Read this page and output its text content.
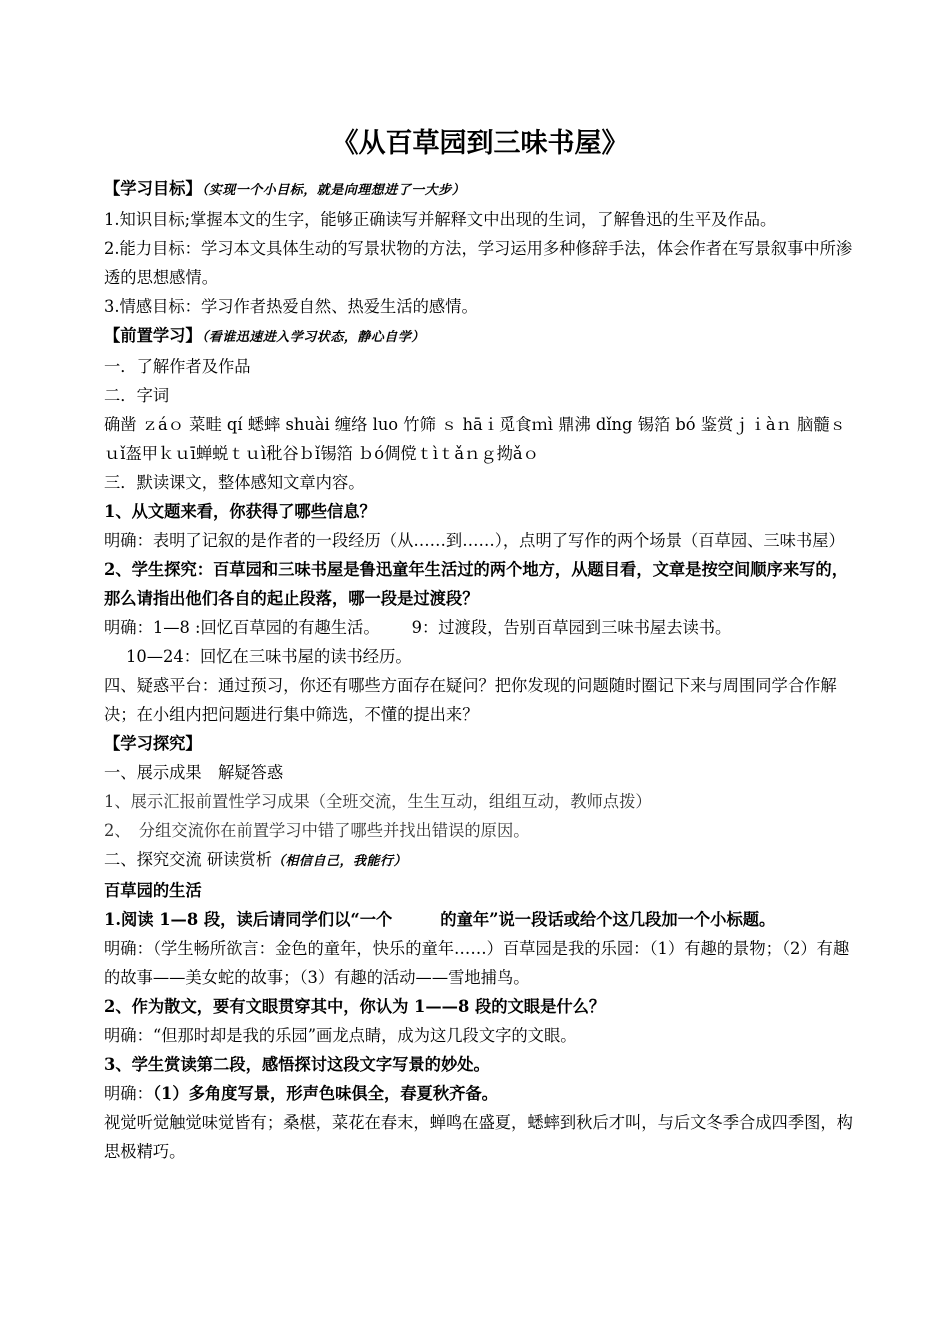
《从百草园到三味书屋》

【学习目标】（实现一个小目标，就是向理想进了一大步）

1.知识目标;掌握本文的生字，能够正确读写并解释文中出现的生词，了解鲁迅的生平及作品。

2.能力目标：学习本文具体生动的写景状物的方法，学习运用多种修辞手法，体会作者在写景叙事中所渗透的思想感情。

3.情感目标：学习作者热爱自然、热爱生活的感情。

【前置学习】（看谁迅速进入学习状态，静心自学）

一．了解作者及作品

二．字词

确凿 ｚáｏ 菜畦 qí 蟋蟀 shuài 缠络 luo 竹筛 ｓ hāｉ觅食ｍì 鼎沸 dǐng 锡箔 bó 鉴赏ｊｉàｎ 脑髓ｓｕǐ盔甲ｋｕī蝉蜕ｔｕì秕谷ｂǐ锡箔 ｂó倜傥ｔìｔǎｎｇ拗ǎｏ

三．默读课文，整体感知文章内容。

1、从文题来看，你获得了哪些信息？

明确：表明了记叙的是作者的一段经历（从……到……），点明了写作的两个场景（百草园、三味书屋）

2、学生探究：百草园和三味书屋是鲁迅童年生活过的两个地方，从题目看，文章是按空间顺序来写的，那么请指出他们各自的起止段落，哪一段是过渡段？

明确：1—8 :回忆百草园的有趣生活。 9：过渡段，告别百草园到三味书屋去读书。

10—24：回忆在三味书屋的读书经历。

四、疑惑平台：通过预习，你还有哪些方面存在疑问？把你发现的问题随时圈记下来与周围同学合作解决；在小组内把问题进行集中筛选，不懂的提出来？

【学习探究】

一、展示成果　解疑答惑

1、展示汇报前置性学习成果（全班交流，生生互动，组组互动，教师点拨）

2、　分组交流你在前置学习中错了哪些并找出错误的原因。

二、探究交流 研读赏析（相信自己，我能行）

百草园的生活

1.阅读 1—8 段，读后请同学们以“一个	的童年”说一段话或给个这几段加一个小标题。

明确：（学生畅所欲言：金色的童年，快乐的童年……）百草园是我的乐园：（1）有趣的景物；（2）有趣的故事——美女蛇的故事；（3）有趣的活动——雪地捕鸟。

2、作为散文，要有文眼贯穿其中，你认为 1——8 段的文眼是什么？

明确：“但那时却是我的乐园”画龙点睛，成为这几段文字的文眼。

3、学生赏读第二段，感悟探讨这段文字写景的妙处。

明确：（1）多角度写景，形声色味俱全，春夏秋齐备。

视觉听觉触觉味觉皆有；桑椹，菜花在春末，蝉鸣在盛夏，蟋蟀到秋后才叫，与后文冬季合成四季图，构思极精巧。
